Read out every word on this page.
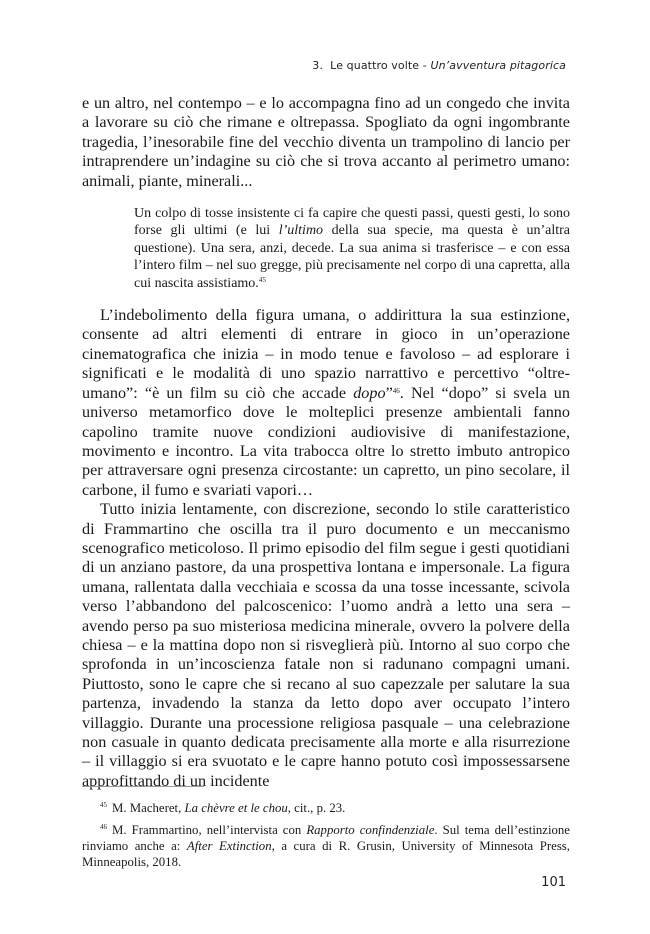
3. Le quattro volte - Un’avventura pitagorica

e un altro, nel contempo – e lo accompagna fino ad un congedo che invita a lavorare su ciò che rimane e oltrepassa. Spogliato da ogni ingombrante tragedia, l’inesorabile fine del vecchio diventa un trampolino di lancio per intraprendere un’indagine su ciò che si trova accanto al perimetro umano: animali, piante, minerali...

Un colpo di tosse insistente ci fa capire che questi passi, questi gesti, lo sono forse gli ultimi (e lui l’ultimo della sua specie, ma questa è un’altra questione). Una sera, anzi, decede. La sua anima si trasferisce – e con essa l’intero film – nel suo gregge, più precisamente nel corpo di una capretta, alla cui nascita assistiamo.$^{45}$

L’indebolimento della figura umana, o addirittura la sua estinzione, consente ad altri elementi di entrare in gioco in un’operazione cinematografica che inizia – in modo tenue e favoloso – ad esplorare i significati e le modalità di uno spazio narrattivo e percettivo “oltre-umano”: “è un film su ciò che accade dopo”$^{46}$. Nel “dopo” si svela un universo metamorfico dove le molteplici presenze ambientali fanno capolino tramite nuove condizioni audiovisive di manifestazione, movimento e incontro. La vita trabocca oltre lo stretto imbuto antropico per attraversare ogni presenza circostante: un capretto, un pino secolare, il carbone, il fumo e svariati vapori…

Tutto inizia lentamente, con discrezione, secondo lo stile caratteristico di Frammartino che oscilla tra il puro documento e un meccanismo scenografico meticoloso. Il primo episodio del film segue i gesti quotidiani di un anziano pastore, da una prospettiva lontana e impersonale. La figura umana, rallentata dalla vecchiaia e scossa da una tosse incessante, scivola verso l’abbandono del palcoscenico: l’uomo andrà a letto una sera – avendo perso pa suo misteriosa medicina minerale, ovvero la polvere della chiesa – e la mattina dopo non si risveglierà più. Intorno al suo corpo che sprofonda in un’incoscienza fatale non si radunano compagni umani. Piuttosto, sono le capre che si recano al suo capezzale per salutare la sua partenza, invadendo la stanza da letto dopo aver occupato l’intero villaggio. Durante una processione religiosa pasquale – una celebrazione non casuale in quanto dedicata precisamente alla morte e alla risurrezione – il villaggio si era svuotato e le capre hanno potuto così impossessarsene approfittando di un incidente

$^{45}$ M. Macheret, La chèvre et le chou, cit., p. 23.

$^{46}$ M. Frammartino, nell’intervista con Rapporto confindenziale. Sul tema dell’estinzione rinviamo anche a: After Extinction, a cura di R. Grusin, University of Minnesota Press, Minneapolis, 2018.

101
